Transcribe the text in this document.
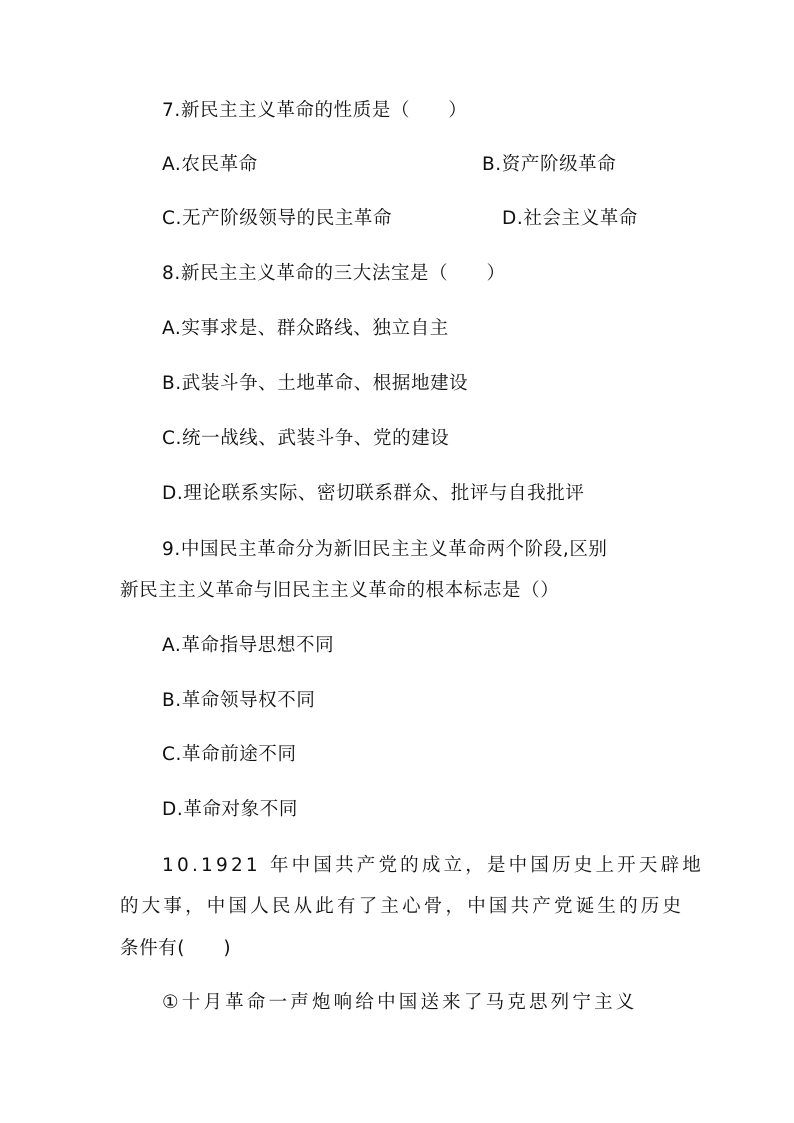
7.新民主主义革命的性质是（　　）
A.农民革命	B.资产阶级革命
C.无产阶级领导的民主革命	D.社会主义革命
8.新民主主义革命的三大法宝是（　　）
A.实事求是、群众路线、独立自主
B.武装斗争、土地革命、根据地建设
C.统一战线、武装斗争、党的建设
D.理论联系实际、密切联系群众、批评与自我批评
9.中国民主革命分为新旧民主主义革命两个阶段,区别
新民主主义革命与旧民主主义革命的根本标志是（）
A.革命指导思想不同
B.革命领导权不同
C.革命前途不同
D.革命对象不同
10.1921 年中国共产党的成立，是中国历史上开天辟地
的大事，中国人民从此有了主心骨，中国共产党诞生的历史
条件有(　　)
①十月革命一声炮响给中国送来了马克思列宁主义
